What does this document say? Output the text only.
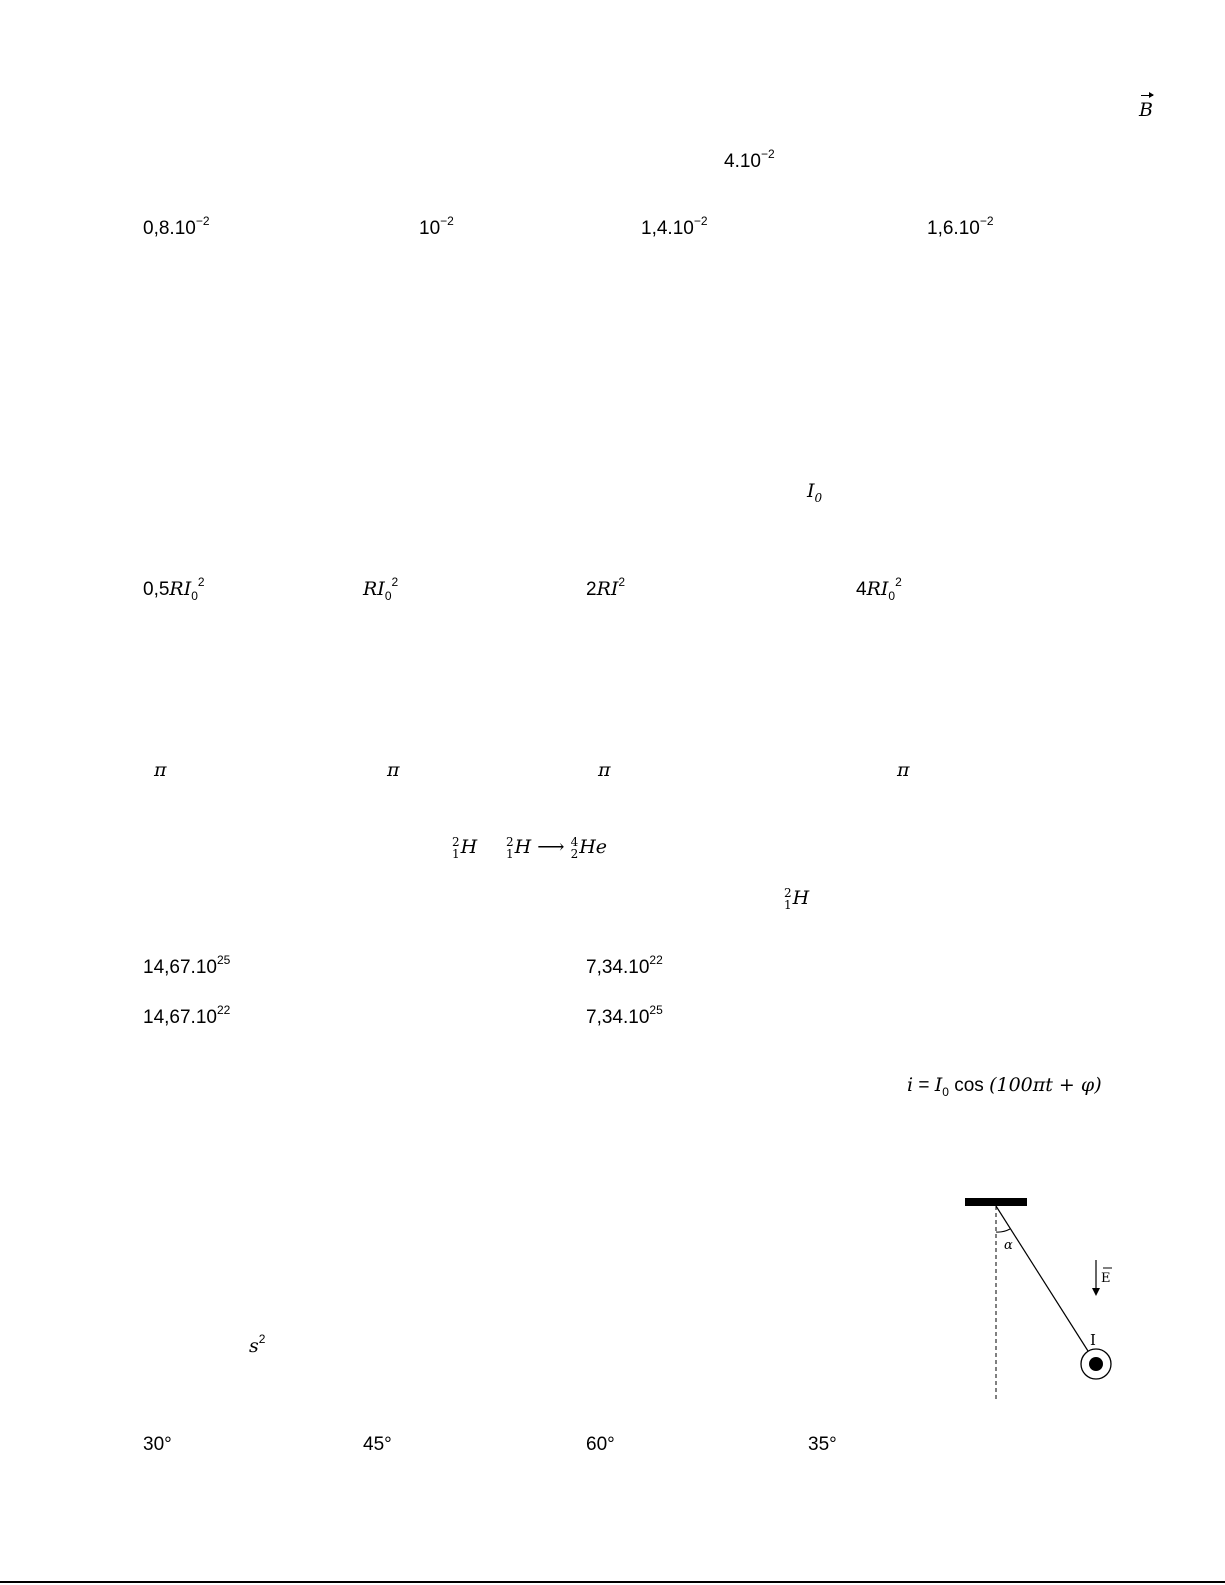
B
$4.10^{-2}$
$0,8.10^{-2}$	$10^{-2}$	$1,4.10^{-2}$	$1,6.10^{-2}$
$I_0$
$0,5RI_0^2$	$RI_0^2$	$2RI^2$	$4RI_0^2$
π	π	π	π
2
1 H 2
1 H ⟶ 4
2 He
2
1 H
14,67.10$^{25}$	7,34.10$^{22}$
14,67.10$^{22}$	7,34.10$^{25}$
$i = I_0$ cos (100πt + φ)
$s^2$
α
E
I
30°	45°	60°	35°
